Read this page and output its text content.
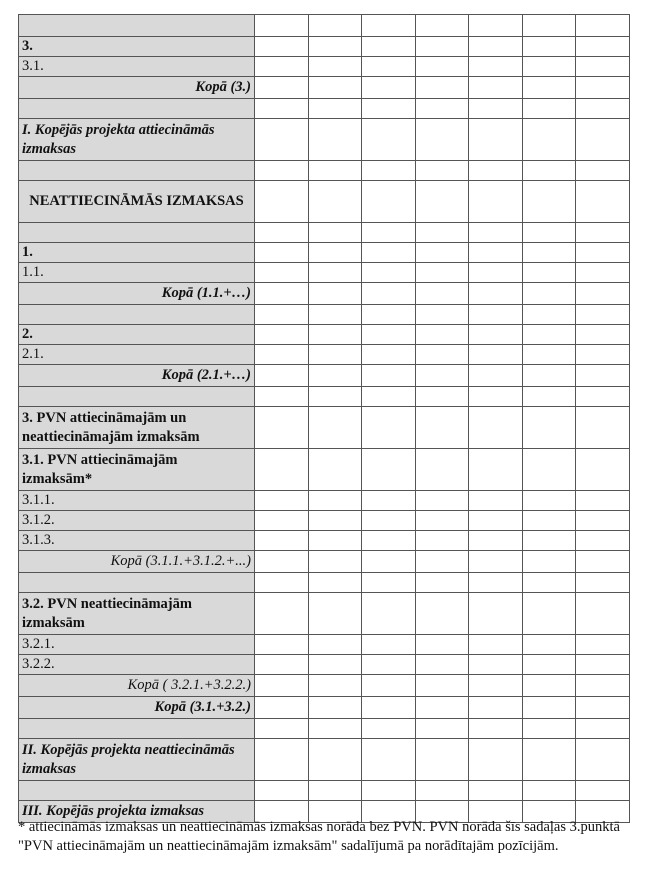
3.							
3.1.							
Kopā (3.)							

I. Kopējās projekta attiecināmās izmaksas							

NEATTIECINĀMĀS IZMAKSAS							

1.							
1.1.							
Kopā (1.1.+…)							

2.							
2.1.							
Kopā (2.1.+…)							

3. PVN attiecināmajām un neattiecināmajām izmaksām							
3.1. PVN attiecināmajām izmaksām*							
3.1.1.							
3.1.2.							
3.1.3.							
Kopā (3.1.1.+3.1.2.+...)							

3.2. PVN neattiecināmajām izmaksām							
3.2.1.							
3.2.2.							
Kopā ( 3.2.1.+3.2.2.)							
Kopā (3.1.+3.2.)							

II. Kopējās projekta neattiecināmās izmaksas							

III. Kopējās projekta izmaksas							
* attiecināmās izmaksas un neattiecināmās izmaksas norāda bez PVN. PVN norāda šīs sadaļas 3.punktā "PVN attiecināmajām un neattiecināmajām izmaksām" sadalījumā pa norādītajām pozīcijām.
